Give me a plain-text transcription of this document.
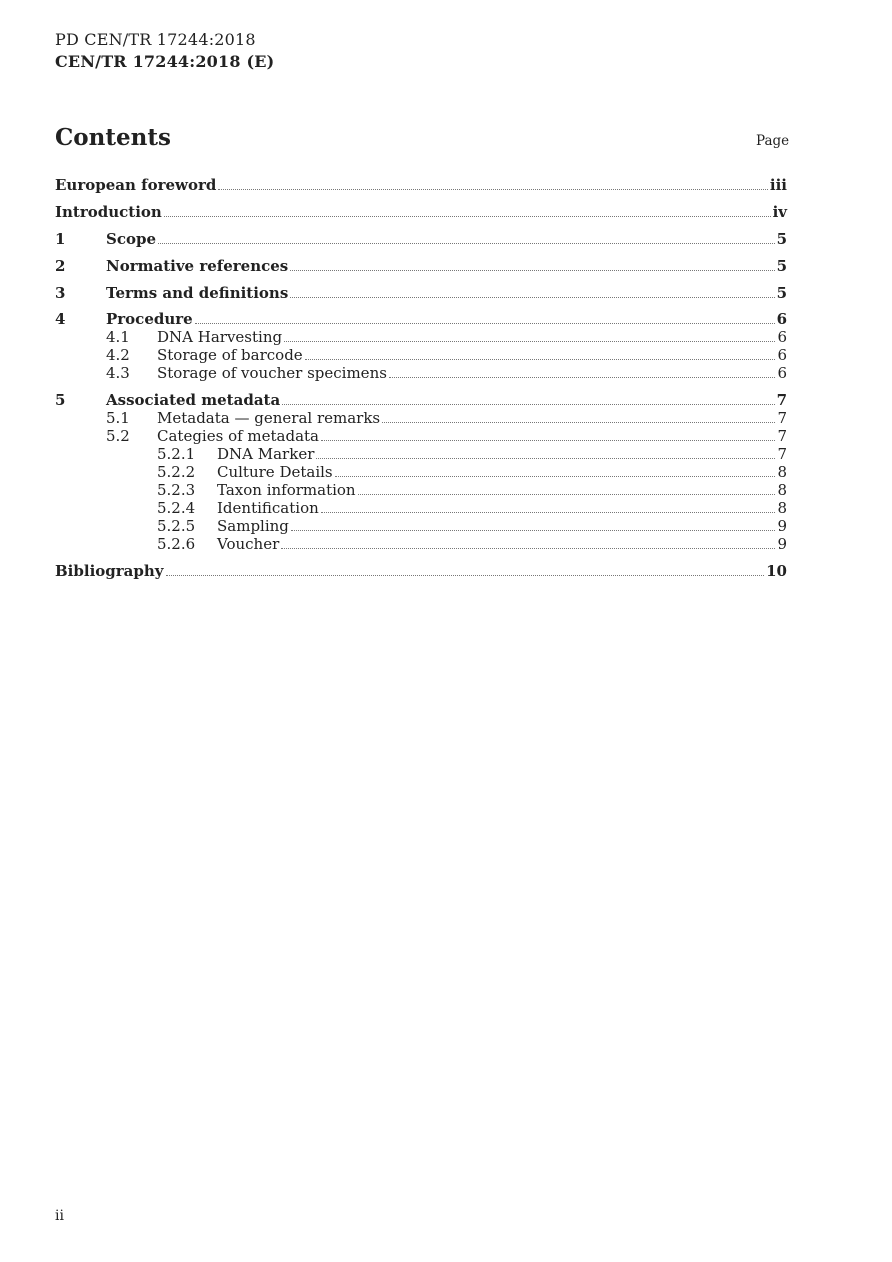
PD CEN/TR 17244:2018
CEN/TR 17244:2018 (E)
Contents	Page
European foreword	iii
Introduction	iv
1	Scope	5
2	Normative references	5
3	Terms and definitions	5
4	Procedure	6
4.1	DNA Harvesting	6
4.2	Storage of barcode	6
4.3	Storage of voucher specimens	6
5	Associated metadata	7
5.1	Metadata — general remarks	7
5.2	Categies of metadata	7
5.2.1	DNA Marker	7
5.2.2	Culture Details	8
5.2.3	Taxon information	8
5.2.4	Identification	8
5.2.5	Sampling	9
5.2.6	Voucher	9
Bibliography	10
ii
